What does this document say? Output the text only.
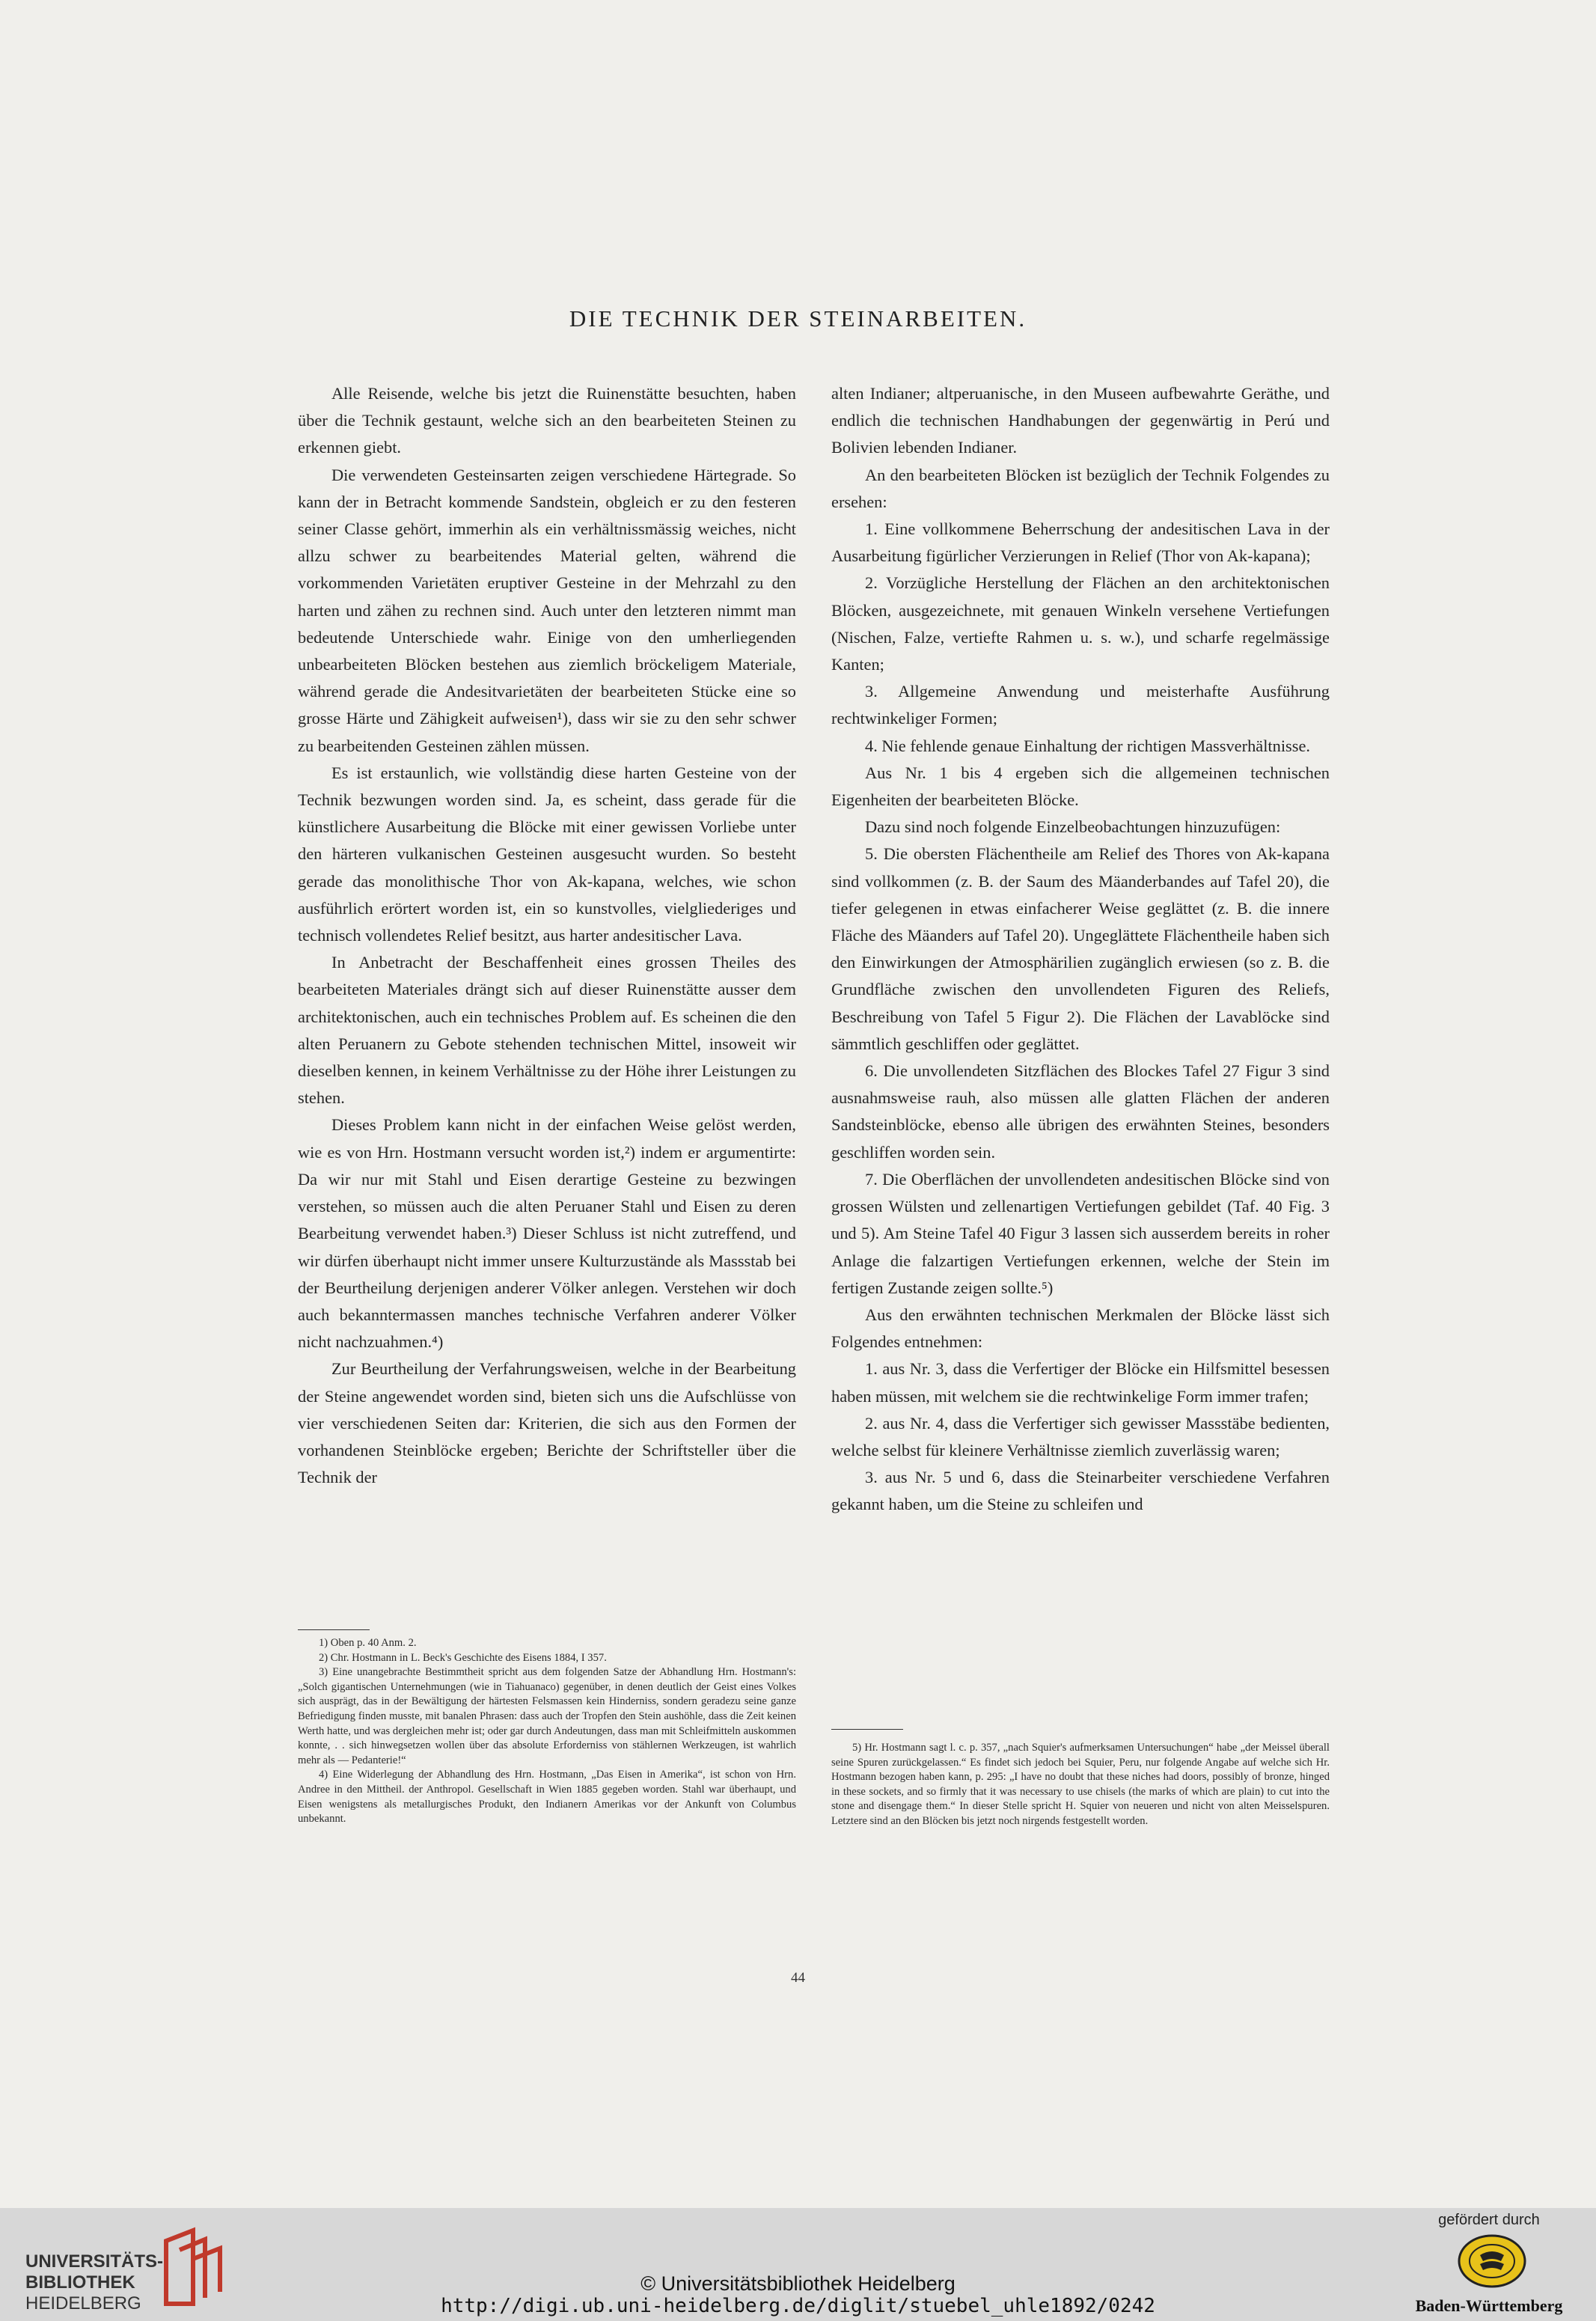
DIE TECHNIK DER STEINARBEITEN.

Alle Reisende, welche bis jetzt die Ruinenstätte besuchten, haben über die Technik gestaunt, welche sich an den bearbeiteten Steinen zu erkennen giebt.

Die verwendeten Gesteinsarten zeigen verschiedene Härtegrade. So kann der in Betracht kommende Sandstein, obgleich er zu den festeren seiner Classe gehört, immerhin als ein verhältnissmässig weiches, nicht allzu schwer zu bearbeitendes Material gelten, während die vorkommenden Varietäten eruptiver Gesteine in der Mehrzahl zu den harten und zähen zu rechnen sind. Auch unter den letzteren nimmt man bedeutende Unterschiede wahr. Einige von den umherliegenden unbearbeiteten Blöcken bestehen aus ziemlich bröckeligem Materiale, während gerade die Andesitvarietäten der bearbeiteten Stücke eine so grosse Härte und Zähigkeit aufweisen¹), dass wir sie zu den sehr schwer zu bearbeitenden Gesteinen zählen müssen.

Es ist erstaunlich, wie vollständig diese harten Gesteine von der Technik bezwungen worden sind. Ja, es scheint, dass gerade für die künstlichere Ausarbeitung die Blöcke mit einer gewissen Vorliebe unter den härteren vulkanischen Gesteinen ausgesucht wurden. So besteht gerade das monolithische Thor von Ak-kapana, welches, wie schon ausführlich erörtert worden ist, ein so kunstvolles, vielgliederiges und technisch vollendetes Relief besitzt, aus harter andesitischer Lava.

In Anbetracht der Beschaffenheit eines grossen Theiles des bearbeiteten Materiales drängt sich auf dieser Ruinenstätte ausser dem architektonischen, auch ein technisches Problem auf. Es scheinen die den alten Peruanern zu Gebote stehenden technischen Mittel, insoweit wir dieselben kennen, in keinem Verhältnisse zu der Höhe ihrer Leistungen zu stehen.

Dieses Problem kann nicht in der einfachen Weise gelöst werden, wie es von Hrn. Hostmann versucht worden ist,²) indem er argumentirte: Da wir nur mit Stahl und Eisen derartige Gesteine zu bezwingen verstehen, so müssen auch die alten Peruaner Stahl und Eisen zu deren Bearbeitung verwendet haben.³) Dieser Schluss ist nicht zutreffend, und wir dürfen überhaupt nicht immer unsere Kulturzustände als Massstab bei der Beurtheilung derjenigen anderer Völker anlegen. Verstehen wir doch auch bekanntermassen manches technische Verfahren anderer Völker nicht nachzuahmen.⁴)

Zur Beurtheilung der Verfahrungsweisen, welche in der Bearbeitung der Steine angewendet worden sind, bieten sich uns die Aufschlüsse von vier verschiedenen Seiten dar: Kriterien, die sich aus den Formen der vorhandenen Steinblöcke ergeben; Berichte der Schriftsteller über die Technik der

alten Indianer; altperuanische, in den Museen aufbewahrte Geräthe, und endlich die technischen Handhabungen der gegenwärtig in Perú und Bolivien lebenden Indianer.

An den bearbeiteten Blöcken ist bezüglich der Technik Folgendes zu ersehen:

1. Eine vollkommene Beherrschung der andesitischen Lava in der Ausarbeitung figürlicher Verzierungen in Relief (Thor von Ak-kapana);

2. Vorzügliche Herstellung der Flächen an den architektonischen Blöcken, ausgezeichnete, mit genauen Winkeln versehene Vertiefungen (Nischen, Falze, vertiefte Rahmen u. s. w.), und scharfe regelmässige Kanten;

3. Allgemeine Anwendung und meisterhafte Ausführung rechtwinkeliger Formen;

4. Nie fehlende genaue Einhaltung der richtigen Massverhältnisse.

Aus Nr. 1 bis 4 ergeben sich die allgemeinen technischen Eigenheiten der bearbeiteten Blöcke.

Dazu sind noch folgende Einzelbeobachtungen hinzuzufügen:

5. Die obersten Flächentheile am Relief des Thores von Ak-kapana sind vollkommen (z. B. der Saum des Mäanderbandes auf Tafel 20), die tiefer gelegenen in etwas einfacherer Weise geglättet (z. B. die innere Fläche des Mäanders auf Tafel 20). Ungeglättete Flächentheile haben sich den Einwirkungen der Atmosphärilien zugänglich erwiesen (so z. B. die Grundfläche zwischen den unvollendeten Figuren des Reliefs, Beschreibung von Tafel 5 Figur 2). Die Flächen der Lavablöcke sind sämmtlich geschliffen oder geglättet.

6. Die unvollendeten Sitzflächen des Blockes Tafel 27 Figur 3 sind ausnahmsweise rauh, also müssen alle glatten Flächen der anderen Sandsteinblöcke, ebenso alle übrigen des erwähnten Steines, besonders geschliffen worden sein.

7. Die Oberflächen der unvollendeten andesitischen Blöcke sind von grossen Wülsten und zellenartigen Vertiefungen gebildet (Taf. 40 Fig. 3 und 5). Am Steine Tafel 40 Figur 3 lassen sich ausserdem bereits in roher Anlage die falzartigen Vertiefungen erkennen, welche der Stein im fertigen Zustande zeigen sollte.⁵)

Aus den erwähnten technischen Merkmalen der Blöcke lässt sich Folgendes entnehmen:

1. aus Nr. 3, dass die Verfertiger der Blöcke ein Hilfsmittel besessen haben müssen, mit welchem sie die rechtwinkelige Form immer trafen;

2. aus Nr. 4, dass die Verfertiger sich gewisser Massstäbe bedienten, welche selbst für kleinere Verhältnisse ziemlich zuverlässig waren;

3. aus Nr. 5 und 6, dass die Steinarbeiter verschiedene Verfahren gekannt haben, um die Steine zu schleifen und

1) Oben p. 40 Anm. 2.

2) Chr. Hostmann in L. Beck's Geschichte des Eisens 1884, I 357.

3) Eine unangebrachte Bestimmtheit spricht aus dem folgenden Satze der Abhandlung Hrn. Hostmann's: „Solch gigantischen Unternehmungen (wie in Tiahuanaco) gegenüber, in denen deutlich der Geist eines Volkes sich ausprägt, das in der Bewältigung der härtesten Felsmassen kein Hinderniss, sondern geradezu seine ganze Befriedigung finden musste, mit banalen Phrasen: dass auch der Tropfen den Stein aushöhle, dass die Zeit keinen Werth hatte, und was dergleichen mehr ist; oder gar durch Andeutungen, dass man mit Schleifmitteln auskommen konnte, . . sich hinwegsetzen wollen über das absolute Erforderniss von stählernen Werkzeugen, ist wahrlich mehr als — Pedanterie!“

4) Eine Widerlegung der Abhandlung des Hrn. Hostmann, „Das Eisen in Amerika“, ist schon von Hrn. Andree in den Mittheil. der Anthropol. Gesellschaft in Wien 1885 gegeben worden. Stahl war überhaupt, und Eisen wenigstens als metallurgisches Produkt, den Indianern Amerikas vor der Ankunft von Columbus unbekannt.

5) Hr. Hostmann sagt l. c. p. 357, „nach Squier's aufmerksamen Untersuchungen“ habe „der Meissel überall seine Spuren zurückgelassen.“ Es findet sich jedoch bei Squier, Peru, nur folgende Angabe auf welche sich Hr. Hostmann bezogen haben kann, p. 295: „I have no doubt that these niches had doors, possibly of bronze, hinged in these sockets, and so firmly that it was necessary to use chisels (the marks of which are plain) to cut into the stone and disengage them.“ In dieser Stelle spricht H. Squier von neueren und nicht von alten Meisselspuren. Letztere sind an den Blöcken bis jetzt noch nirgends festgestellt worden.

44
UNIVERSITÄTS-
BIBLIOTHEK
HEIDELBERG
© Universitätsbibliothek Heidelberg
http://digi.ub.uni-heidelberg.de/diglit/stuebel_uhle1892/0242
gefördert durch
Baden-Württemberg
